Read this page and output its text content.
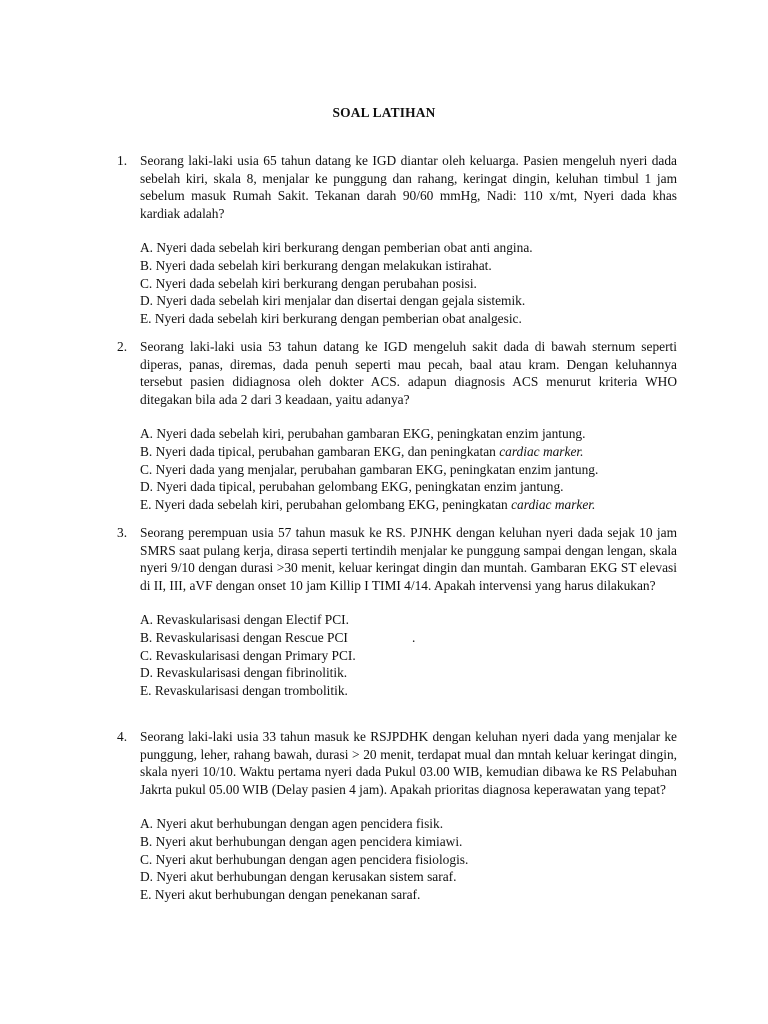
SOAL LATIHAN
1. Seorang laki-laki usia 65 tahun datang ke IGD diantar oleh keluarga. Pasien mengeluh nyeri dada sebelah kiri, skala 8, menjalar ke punggung dan rahang, keringat dingin, keluhan timbul 1 jam sebelum masuk Rumah Sakit. Tekanan darah 90/60 mmHg, Nadi: 110 x/mt, Nyeri dada khas kardiak adalah?
A. Nyeri dada sebelah kiri berkurang dengan pemberian obat anti angina.
B. Nyeri dada sebelah kiri berkurang dengan melakukan istirahat.
C. Nyeri dada sebelah kiri berkurang dengan perubahan posisi.
D. Nyeri dada sebelah kiri menjalar dan disertai dengan gejala sistemik.
E. Nyeri dada sebelah kiri berkurang dengan pemberian obat analgesic.
2. Seorang laki-laki usia 53 tahun datang ke IGD mengeluh sakit dada di bawah sternum seperti diperas, panas, diremas, dada penuh seperti mau pecah, baal atau kram. Dengan keluhannya tersebut pasien didiagnosa oleh dokter ACS. adapun diagnosis ACS menurut kriteria WHO ditegakan bila ada 2 dari 3 keadaan, yaitu adanya?
A. Nyeri dada sebelah kiri, perubahan gambaran EKG, peningkatan enzim jantung.
B. Nyeri dada tipical, perubahan gambaran EKG, dan peningkatan cardiac marker.
C. Nyeri dada yang menjalar, perubahan gambaran EKG, peningkatan enzim jantung.
D. Nyeri dada tipical, perubahan gelombang EKG, peningkatan enzim jantung.
E. Nyeri dada sebelah kiri, perubahan gelombang EKG, peningkatan cardiac marker.
3. Seorang perempuan usia 57 tahun masuk ke RS. PJNHK dengan keluhan nyeri dada sejak 10 jam SMRS saat pulang kerja, dirasa seperti tertindih menjalar ke punggung sampai dengan lengan, skala nyeri 9/10 dengan durasi >30 menit, keluar keringat dingin dan muntah. Gambaran EKG ST elevasi di II, III, aVF dengan onset 10 jam Killip I TIMI 4/14. Apakah intervensi yang harus dilakukan?
A. Revaskularisasi dengan Electif PCI.
B. Revaskularisasi dengan Rescue PCI	.
C. Revaskularisasi dengan Primary PCI.
D. Revaskularisasi dengan fibrinolitik.
E. Revaskularisasi dengan trombolitik.
4. Seorang laki-laki usia 33 tahun masuk ke RSJPDHK dengan keluhan nyeri dada yang menjalar ke punggung, leher, rahang bawah, durasi > 20 menit, terdapat mual dan mntah keluar keringat dingin, skala nyeri 10/10. Waktu pertama nyeri dada Pukul 03.00 WIB, kemudian dibawa ke RS Pelabuhan Jakrta pukul 05.00 WIB (Delay pasien 4 jam). Apakah prioritas diagnosa keperawatan yang tepat?
A. Nyeri akut berhubungan dengan agen pencidera fisik.
B. Nyeri akut berhubungan dengan agen pencidera kimiawi.
C. Nyeri akut berhubungan dengan agen pencidera fisiologis.
D. Nyeri akut berhubungan dengan kerusakan sistem saraf.
E. Nyeri akut berhubungan dengan penekanan saraf.
